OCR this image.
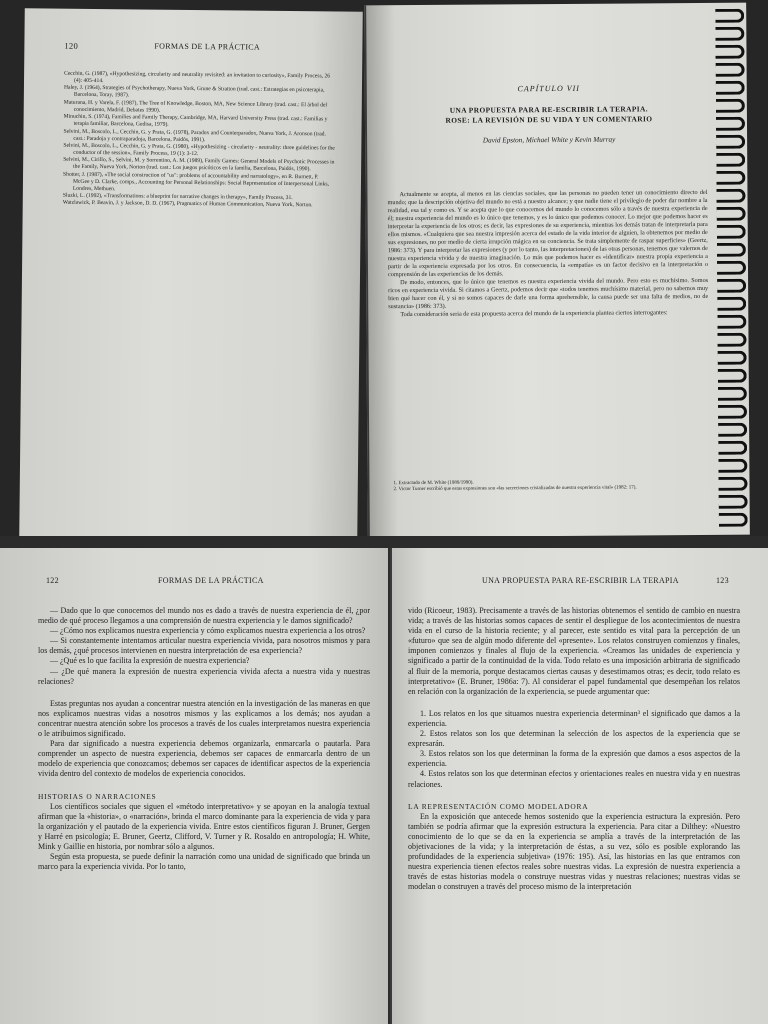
120	FORMAS DE LA PRÁCTICA

Cecchin, G. (1987), «Hypothesizing, circularity and neutrality revisited: an invitation to curiosity», Family Process, 26 (4): 405-414.

Haley, J. (1964), Strategies of Psychotherapy, Nueva York, Grune & Stratton (trad. cast.: Estrategias en psicoterapia, Barcelona, Toray, 1987).

Maturana, H. y Varela, F. (1987), The Tree of Knowledge, Boston, MA, New Science Library (trad. cast.: El árbol del conocimiento, Madrid, Debates 1990).

Minuchin, S. (1974), Families and Family Therapy, Cambridge, MA, Harvard University Press (trad. cast.: Familias y terapia familiar, Barcelona, Gedisa, 1979).

Selvini, M., Boscolo, L., Cecchin, G. y Prata, G. (1978), Paradox and Counterparadox, Nueva York, J. Aronson (trad. cast.: Paradoja y contraparadoja, Barcelona, Paidós, 1991).

Selvini, M., Boscolo, L., Cecchin, G. y Prata, G. (1980), «Hypothesizing - circularity - neutrality: three guidelines for the conductor of the session», Family Process, 19 (1): 3-12.

Selvini, M., Cirillo, S., Selvini, M. y Sorrentino, A. M. (1989), Family Games: General Models of Psychotic Processes in the Family, Nueva York, Norton (trad. cast.: Los juegos psicóticos en la familia, Barcelona, Paidós, 1990).

Shotter, J. (1987), «The social construction of "us": problems of accountability and narratology», en R. Burnett, P. McGee y D. Clarke, comps., Accounting for Personal Relationships: Social Representation of Interpersonal Links, Londres, Methuen.

Sluzki, L. (1992), «Transformations: a blueprint for narrative changes in therapy», Family Process, 31.

Watzlawick, P. Beavin, J. y Jackson, D. D. (1967), Pragmatics of Human Communication, Nueva York, Norton.

CAPÍTULO VII
UNA PROPUESTA PARA RE-ESCRIBIR LA TERAPIA.
ROSE: LA REVISIÓN DE SU VIDA Y UN COMENTARIO
David Epston, Michael White y Kevin Murray

Actualmente se acepta, al menos en las ciencias sociales, que las personas no pueden tener un conocimiento directo del mundo; que la descripción objetiva del mundo no está a nuestro alcance; y que nadie tiene el privilegio de poder dar nombre a la realidad, esa tal y como es. Y se acepta que lo que conocemos del mundo lo conocemos sólo a través de nuestra experiencia de él; nuestra experiencia del mundo es lo único que tenemos, y es lo único que podemos conocer. Lo mejor que podemos hacer es interpretar la experiencia de los otros; es decir, las expresiones de su experiencia, mientras los demás tratan de interpretarla para ellos mismos. «Cualquiera que sea nuestra impresión acerca del estado de la vida interior de alguien, la obtenemos por medio de sus expresiones, no por medio de cierta irrupción mágica en su conciencia. Se trata simplemente de raspar superficies» (Geertz, 1986: 373). Y para interpretar las expresiones (y por lo tanto, las interpretaciones) de las otras personas, tenemos que valernos de nuestra experiencia vivida y de nuestra imaginación. Lo más que podemos hacer es «identificar» nuestra propia experiencia a partir de la experiencia expresada por los otros. En consecuencia, la «empatía» es un factor decisivo en la interpretación o comprensión de las experiencias de los demás.

De modo, entonces, que lo único que tenemos es nuestra experiencia vivida del mundo. Pero esto es muchísimo. Somos ricos en experiencia vivida. Si citamos a Geertz, podemos decir que «todos tenemos muchísimo material, pero no sabemos muy bien qué hacer con él, y si no somos capaces de darle una forma aprehensible, la causa puede ser una falta de medios, no de sustancia» (1986: 373).

Toda consideración seria de esta propuesta acerca del mundo de la experiencia plantea ciertos interrogantes:

1. Extractado de M. White (1989/1990).

2. Victor Turner escribió que estas expresiones son «las secreciones cristalizadas de nuestra experiencia vital» (1982: 17).

122	FORMAS DE LA PRÁCTICA

— Dado que lo que conocemos del mundo nos es dado a través de nuestra experiencia de él, ¿por medio de qué proceso llegamos a una comprensión de nuestra experiencia y le damos significado?

— ¿Cómo nos explicamos nuestra experiencia y cómo explicamos nuestra experiencia a los otros?

— Si constantemente intentamos articular nuestra experiencia vivida, para nosotros mismos y para los demás, ¿qué procesos intervienen en nuestra interpretación de esa experiencia?

— ¿Qué es lo que facilita la expresión de nuestra experiencia?

— ¿De qué manera la expresión de nuestra experiencia vivida afecta a nuestra vida y nuestras relaciones?

Estas preguntas nos ayudan a concentrar nuestra atención en la investigación de las maneras en que nos explicamos nuestras vidas a nosotros mismos y las explicamos a los demás; nos ayudan a concentrar nuestra atención sobre los procesos a través de los cuales interpretamos nuestra experiencia o le atribuimos significado.

Para dar significado a nuestra experiencia debemos organizarla, enmarcarla o pautarla. Para comprender un aspecto de nuestra experiencia, debemos ser capaces de enmarcarla dentro de un modelo de experiencia que conozcamos; debemos ser capaces de identificar aspectos de la experiencia vivida dentro del contexto de modelos de experiencia conocidos.

HISTORIAS O NARRACIONES

Los científicos sociales que siguen el «método interpretativo» y se apoyan en la analogía textual afirman que la «historia», o «narración», brinda el marco dominante para la experiencia de vida y para la organización y el pautado de la experiencia vivida. Entre estos científicos figuran J. Bruner, Gergen y Harré en psicología; E. Bruner, Geertz, Clifford, V. Turner y R. Rosaldo en antropología; H. White, Mink y Gaillie en historia, por nombrar sólo a algunos.

Según esta propuesta, se puede definir la narración como una unidad de significado que brinda un marco para la experiencia vivida. Por lo tanto,

UNA PROPUESTA PARA RE-ESCRIBIR LA TERAPIA	123

vido (Ricoeur, 1983). Precisamente a través de las historias obtenemos el sentido de cambio en nuestra vida; a través de las historias somos capaces de sentir el despliegue de los acontecimientos de nuestra vida en el curso de la historia reciente; y al parecer, este sentido es vital para la percepción de un «futuro» que sea de algún modo diferente del «presente». Los relatos construyen comienzos y finales, imponen comienzos y finales al flujo de la experiencia. «Creamos las unidades de experiencia y significado a partir de la continuidad de la vida. Todo relato es una imposición arbitraria de significado al fluir de la memoria, porque destacamos ciertas causas y desestimamos otras; es decir, todo relato es interpretativo» (E. Bruner, 1986a: 7). Al considerar el papel fundamental que desempeñan los relatos en relación con la organización de la experiencia, se puede argumentar que:

1. Los relatos en los que situamos nuestra experiencia determinan³ el significado que damos a la experiencia.

2. Estos relatos son los que determinan la selección de los aspectos de la experiencia que se expresarán.

3. Estos relatos son los que determinan la forma de la expresión que damos a esos aspectos de la experiencia.

4. Estos relatos son los que determinan efectos y orientaciones reales en nuestra vida y en nuestras relaciones.

LA REPRESENTACIÓN COMO MODELADORA

En la exposición que antecede hemos sostenido que la experiencia estructura la expresión. Pero también se podría afirmar que la expresión estructura la experiencia. Para citar a Dilthey: «Nuestro conocimiento de lo que se da en la experiencia se amplía a través de la interpretación de las objetivaciones de la vida; y la interpretación de éstas, a su vez, sólo es posible explorando las profundidades de la experiencia subjetiva» (1976: 195). Así, las historias en las que entramos con nuestra experiencia tienen efectos reales sobre nuestras vidas. La expresión de nuestra experiencia a través de estas historias modela o construye nuestras vidas y nuestras relaciones; nuestras vidas se modelan o construyen a través del proceso mismo de la interpretación
